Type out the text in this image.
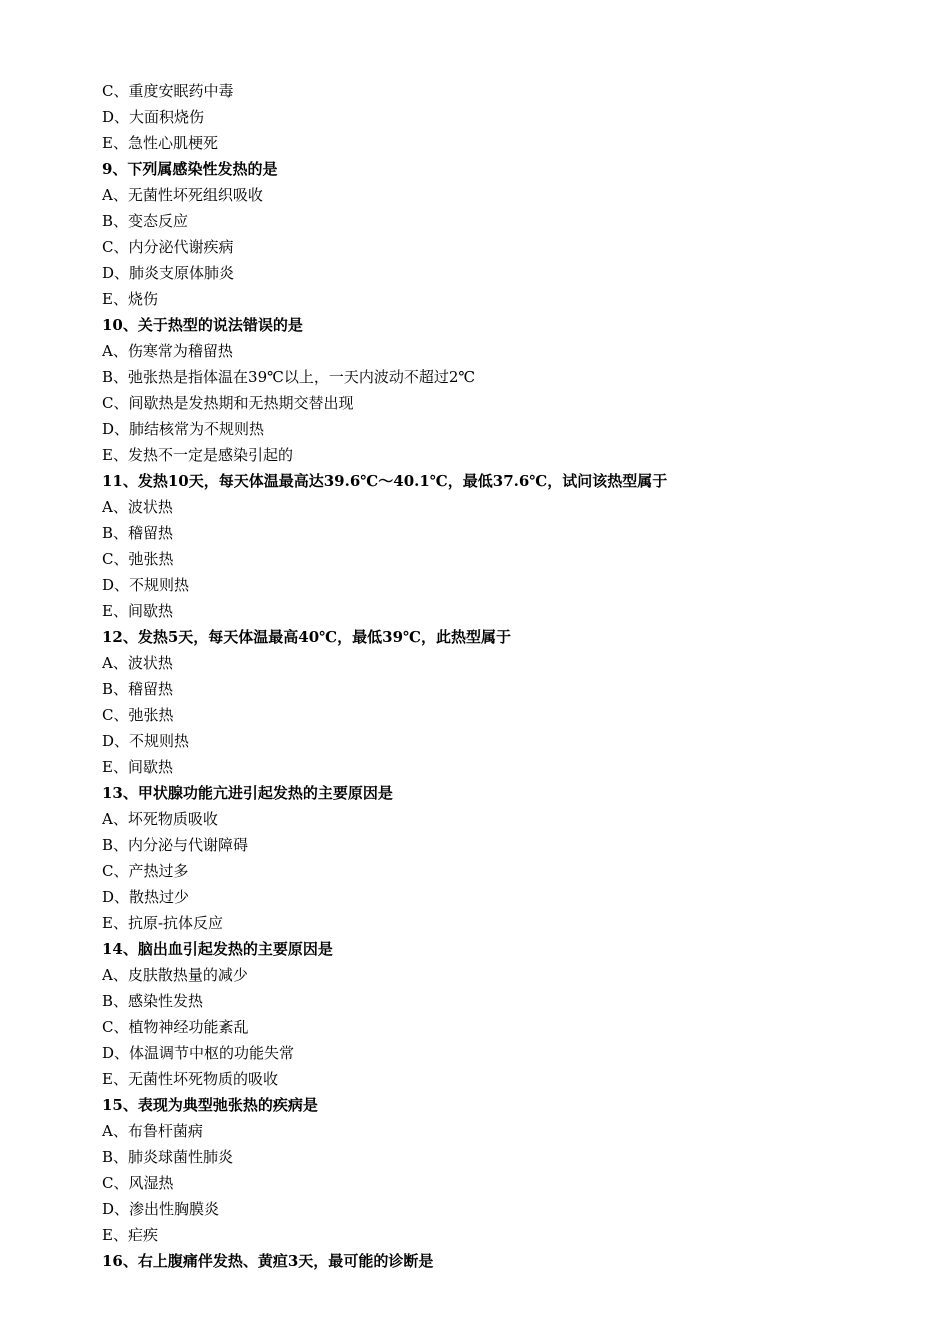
C、重度安眠药中毒
D、大面积烧伤
E、急性心肌梗死
9、下列属感染性发热的是
A、无菌性坏死组织吸收
B、变态反应
C、内分泌代谢疾病
D、肺炎支原体肺炎
E、烧伤
10、关于热型的说法错误的是
A、伤寒常为稽留热
B、弛张热是指体温在39℃以上，一天内波动不超过2℃
C、间歇热是发热期和无热期交替出现
D、肺结核常为不规则热
E、发热不一定是感染引起的
11、发热10天，每天体温最高达39.6℃～40.1℃，最低37.6℃，试问该热型属于
A、波状热
B、稽留热
C、弛张热
D、不规则热
E、间歇热
12、发热5天，每天体温最高40℃，最低39℃，此热型属于
A、波状热
B、稽留热
C、弛张热
D、不规则热
E、间歇热
13、甲状腺功能亢进引起发热的主要原因是
A、坏死物质吸收
B、内分泌与代谢障碍
C、产热过多
D、散热过少
E、抗原-抗体反应
14、脑出血引起发热的主要原因是
A、皮肤散热量的减少
B、感染性发热
C、植物神经功能紊乱
D、体温调节中枢的功能失常
E、无菌性坏死物质的吸收
15、表现为典型弛张热的疾病是
A、布鲁杆菌病
B、肺炎球菌性肺炎
C、风湿热
D、渗出性胸膜炎
E、疟疾
16、右上腹痛伴发热、黄疸3天，最可能的诊断是
